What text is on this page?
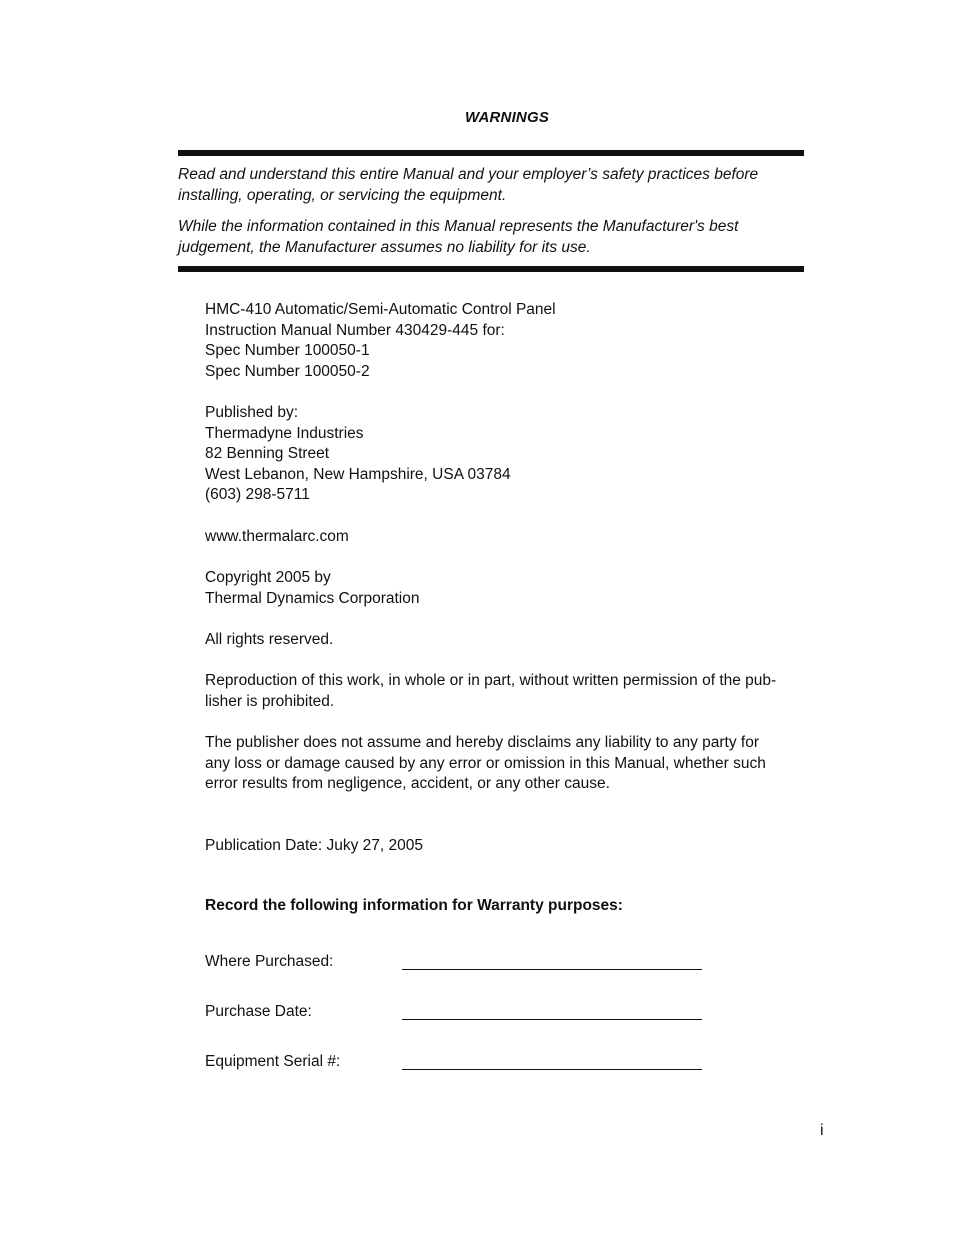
WARNINGS
Read and understand this entire Manual and your employer’s safety practices before installing, operating, or servicing the equipment.
While the information contained in this Manual represents the Manufacturer's best judgement, the Manufacturer assumes no liability for its use.
HMC-410 Automatic/Semi-Automatic Control Panel
Instruction Manual Number 430429-445 for:
Spec Number 100050-1
Spec Number 100050-2
Published by:
Thermadyne Industries
82 Benning Street
West Lebanon, New Hampshire, USA 03784
(603) 298-5711
www.thermalarc.com
Copyright 2005 by
Thermal Dynamics Corporation
All rights reserved.
Reproduction of this work, in whole or in part, without written permission of the pub- lisher is prohibited.
The publisher does not assume and hereby disclaims any liability to any party for any loss or damage caused by any error or omission in this Manual, whether such error results from negligence, accident, or any other cause.
Publication Date: Juky 27, 2005
Record the following information for Warranty purposes:
Where Purchased:
Purchase Date:
Equipment Serial #:
i
